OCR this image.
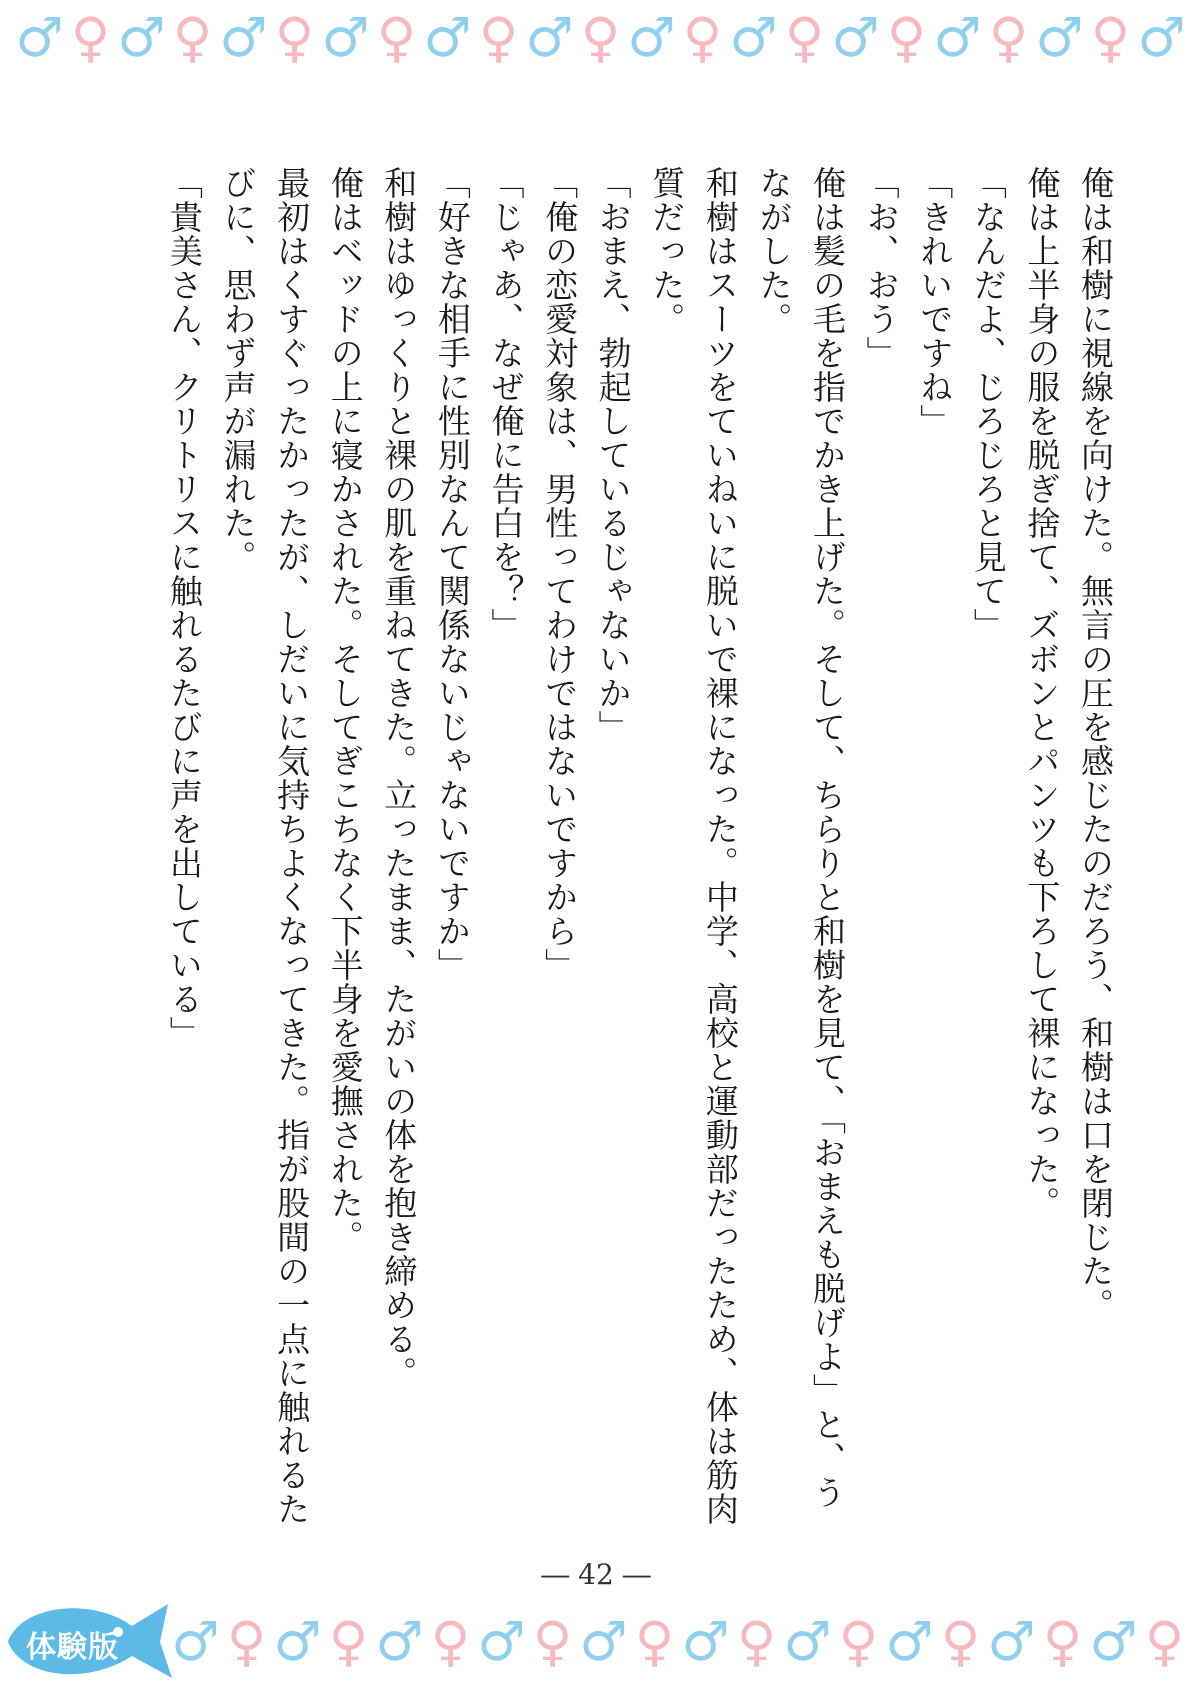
♂ ♀ ♂ ♀ ♂ ♀ ♂ ♀ ♂ ♀ ♂ ♀ ♂ ♀ ♂ ♀ ♂ ♀ ♂ ♀ ♂ ♀ ♂
♂ ♀ ♂ ♀ ♂ ♀ ♂ ♀ ♂ ♀ ♂ ♀ ♂ ♀ ♂ ♀ ♂ ♀ ♂ ♀

俺は和樹に視線を向けた。無言の圧を感じたのだろう、和樹は口を閉じた。

俺は上半身の服を脱ぎ捨て、ズボンとパンツも下ろして裸になった。

「なんだよ、じろじろと見て」

「きれいですね」

「お、おう」

俺は髪の毛を指でかき上げた。そして、ちらりと和樹を見て、「おまえも脱げよ」と、うながした。

和樹はスーツをていねいに脱いで裸になった。中学、高校と運動部だったため、体は筋肉質だった。

「おまえ、勃起しているじゃないか」

「俺の恋愛対象は、男性ってわけではないですから」

「じゃあ、なぜ俺に告白を？」

「好きな相手に性別なんて関係ないじゃないですか」

和樹はゆっくりと裸の肌を重ねてきた。立ったまま、たがいの体を抱き締める。

俺はベッドの上に寝かされた。そしてぎこちなく下半身を愛撫された。

最初はくすぐったかったが、しだいに気持ちよくなってきた。指が股間の一点に触れるたびに、思わず声が漏れた。

「貴美さん、クリトリスに触れるたびに声を出している」

― 42 ―
体験版
